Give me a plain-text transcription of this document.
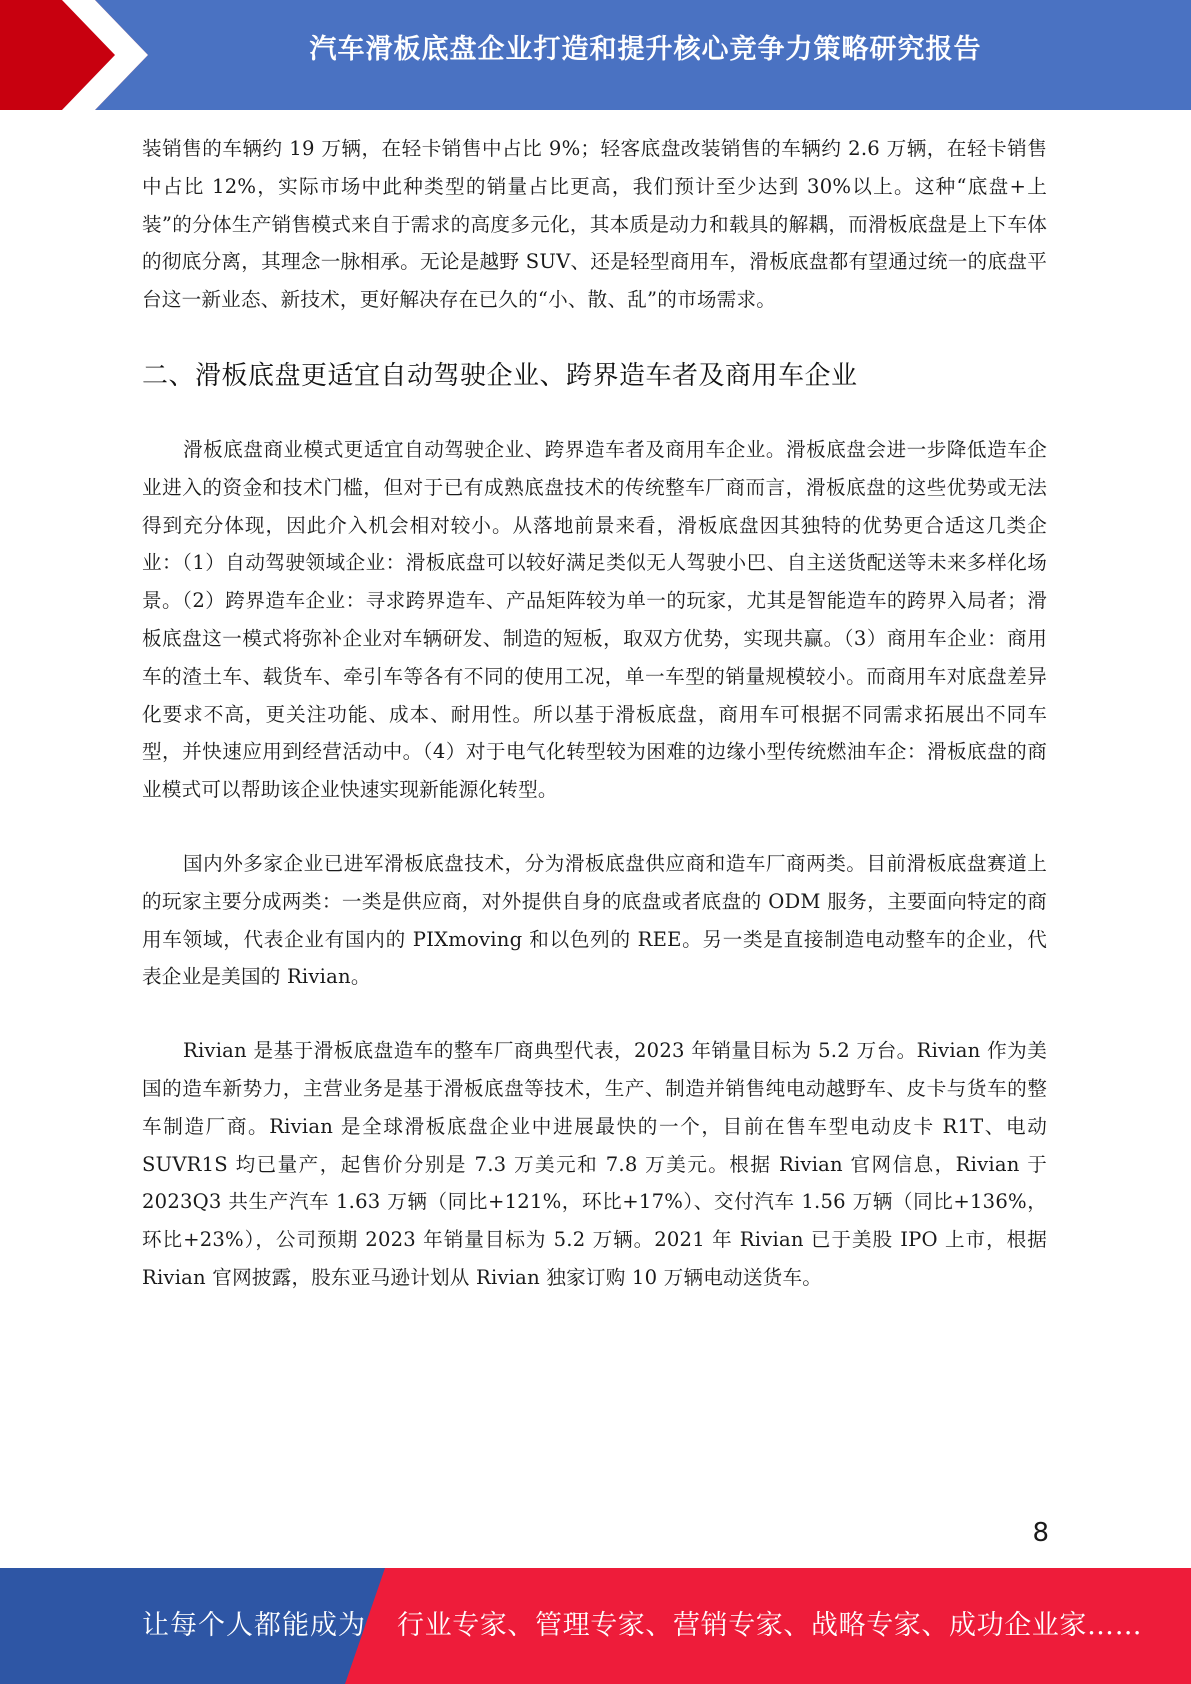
汽车滑板底盘企业打造和提升核心竞争力策略研究报告

装销售的车辆约 19 万辆，在轻卡销售中占比 9%；轻客底盘改装销售的车辆约 2.6 万辆，在轻卡销售中占比 12%，实际市场中此种类型的销量占比更高，我们预计至少达到 30%以上。这种“底盘+上装”的分体生产销售模式来自于需求的高度多元化，其本质是动力和载具的解耦，而滑板底盘是上下车体的彻底分离，其理念一脉相承。无论是越野 SUV、还是轻型商用车，滑板底盘都有望通过统一的底盘平台这一新业态、新技术，更好解决存在已久的“小、散、乱”的市场需求。

二、滑板底盘更适宜自动驾驶企业、跨界造车者及商用车企业

滑板底盘商业模式更适宜自动驾驶企业、跨界造车者及商用车企业。滑板底盘会进一步降低造车企业进入的资金和技术门槛，但对于已有成熟底盘技术的传统整车厂商而言，滑板底盘的这些优势或无法得到充分体现，因此介入机会相对较小。从落地前景来看，滑板底盘因其独特的优势更合适这几类企业：（1）自动驾驶领域企业：滑板底盘可以较好满足类似无人驾驶小巴、自主送货配送等未来多样化场景。（2）跨界造车企业：寻求跨界造车、产品矩阵较为单一的玩家，尤其是智能造车的跨界入局者；滑板底盘这一模式将弥补企业对车辆研发、制造的短板，取双方优势，实现共赢。（3）商用车企业：商用车的渣土车、载货车、牵引车等各有不同的使用工况，单一车型的销量规模较小。而商用车对底盘差异化要求不高，更关注功能、成本、耐用性。所以基于滑板底盘，商用车可根据不同需求拓展出不同车型，并快速应用到经营活动中。（4）对于电气化转型较为困难的边缘小型传统燃油车企：滑板底盘的商业模式可以帮助该企业快速实现新能源化转型。

国内外多家企业已进军滑板底盘技术，分为滑板底盘供应商和造车厂商两类。目前滑板底盘赛道上的玩家主要分成两类：一类是供应商，对外提供自身的底盘或者底盘的 ODM 服务，主要面向特定的商用车领域，代表企业有国内的 PIXmoving 和以色列的 REE。另一类是直接制造电动整车的企业，代表企业是美国的 Rivian。

Rivian 是基于滑板底盘造车的整车厂商典型代表，2023 年销量目标为 5.2 万台。Rivian 作为美国的造车新势力，主营业务是基于滑板底盘等技术，生产、制造并销售纯电动越野车、皮卡与货车的整车制造厂商。Rivian 是全球滑板底盘企业中进展最快的一个，目前在售车型电动皮卡 R1T、电动 SUVR1S 均已量产，起售价分别是 7.3 万美元和 7.8 万美元。根据 Rivian 官网信息，Rivian 于 2023Q3 共生产汽车 1.63 万辆（同比+121%，环比+17%）、交付汽车 1.56 万辆（同比+136%，环比+23%），公司预期 2023 年销量目标为 5.2 万辆。2021 年 Rivian 已于美股 IPO 上市，根据 Rivian 官网披露，股东亚马逊计划从 Rivian 独家订购 10 万辆电动送货车。

8
让每个人都能成为 行业专家、管理专家、营销专家、战略专家、成功企业家……
